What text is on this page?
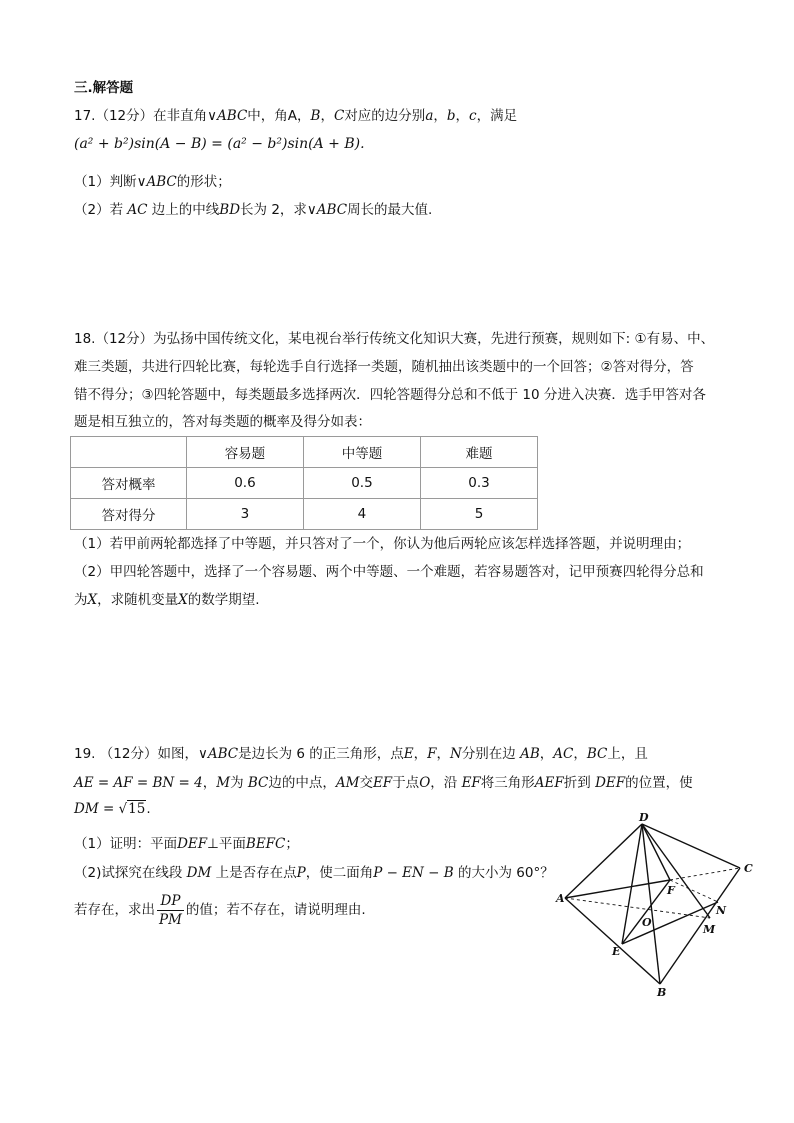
三.解答题
17.（12分）在非直角∨ABC中，角A，B，C对应的边分别a，b，c，满足
(a² + b²)sin(A − B) = (a² − b²)sin(A + B).
（1）判断∨ABC的形状；
（2）若 AC 边上的中线BD长为 2，求∨ABC周长的最大值.
18.（12分）为弘扬中国传统文化，某电视台举行传统文化知识大赛，先进行预赛，规则如下: ①有易、中、
难三类题，共进行四轮比赛，每轮选手自行选择一类题，随机抽出该类题中的一个回答；②答对得分，答
错不得分；③四轮答题中，每类题最多选择两次．四轮答题得分总和不低于 10 分进入决赛．选手甲答对各
题是相互独立的，答对每类题的概率及得分如表：
	容易题	中等题	难题
答对概率	0.6	0.5	0.3
答对得分	3	4	5
（1）若甲前两轮都选择了中等题，并只答对了一个，你认为他后两轮应该怎样选择答题，并说明理由；
（2）甲四轮答题中，选择了一个容易题、两个中等题、一个难题，若容易题答对，记甲预赛四轮得分总和
为X，求随机变量X的数学期望.
19. （12分）如图，∨ABC是边长为 6 的正三角形，点E，F，N分别在边 AB，AC，BC上，且
AE = AF = BN = 4，M为 BC边的中点，AM交EF于点O，沿 EF将三角形AEF折到 DEF的位置，使
DM = √15.
（1）证明：平面DEF⊥平面BEFC；
（2)试探究在线段 DM 上是否存在点P，使二面角P − EN − B 的大小为 60°？
若存在，求出 $\frac{DP}{PM}$ 的值；若不存在，请说明理由.
D
C
A
F
O
N
M
E
B
